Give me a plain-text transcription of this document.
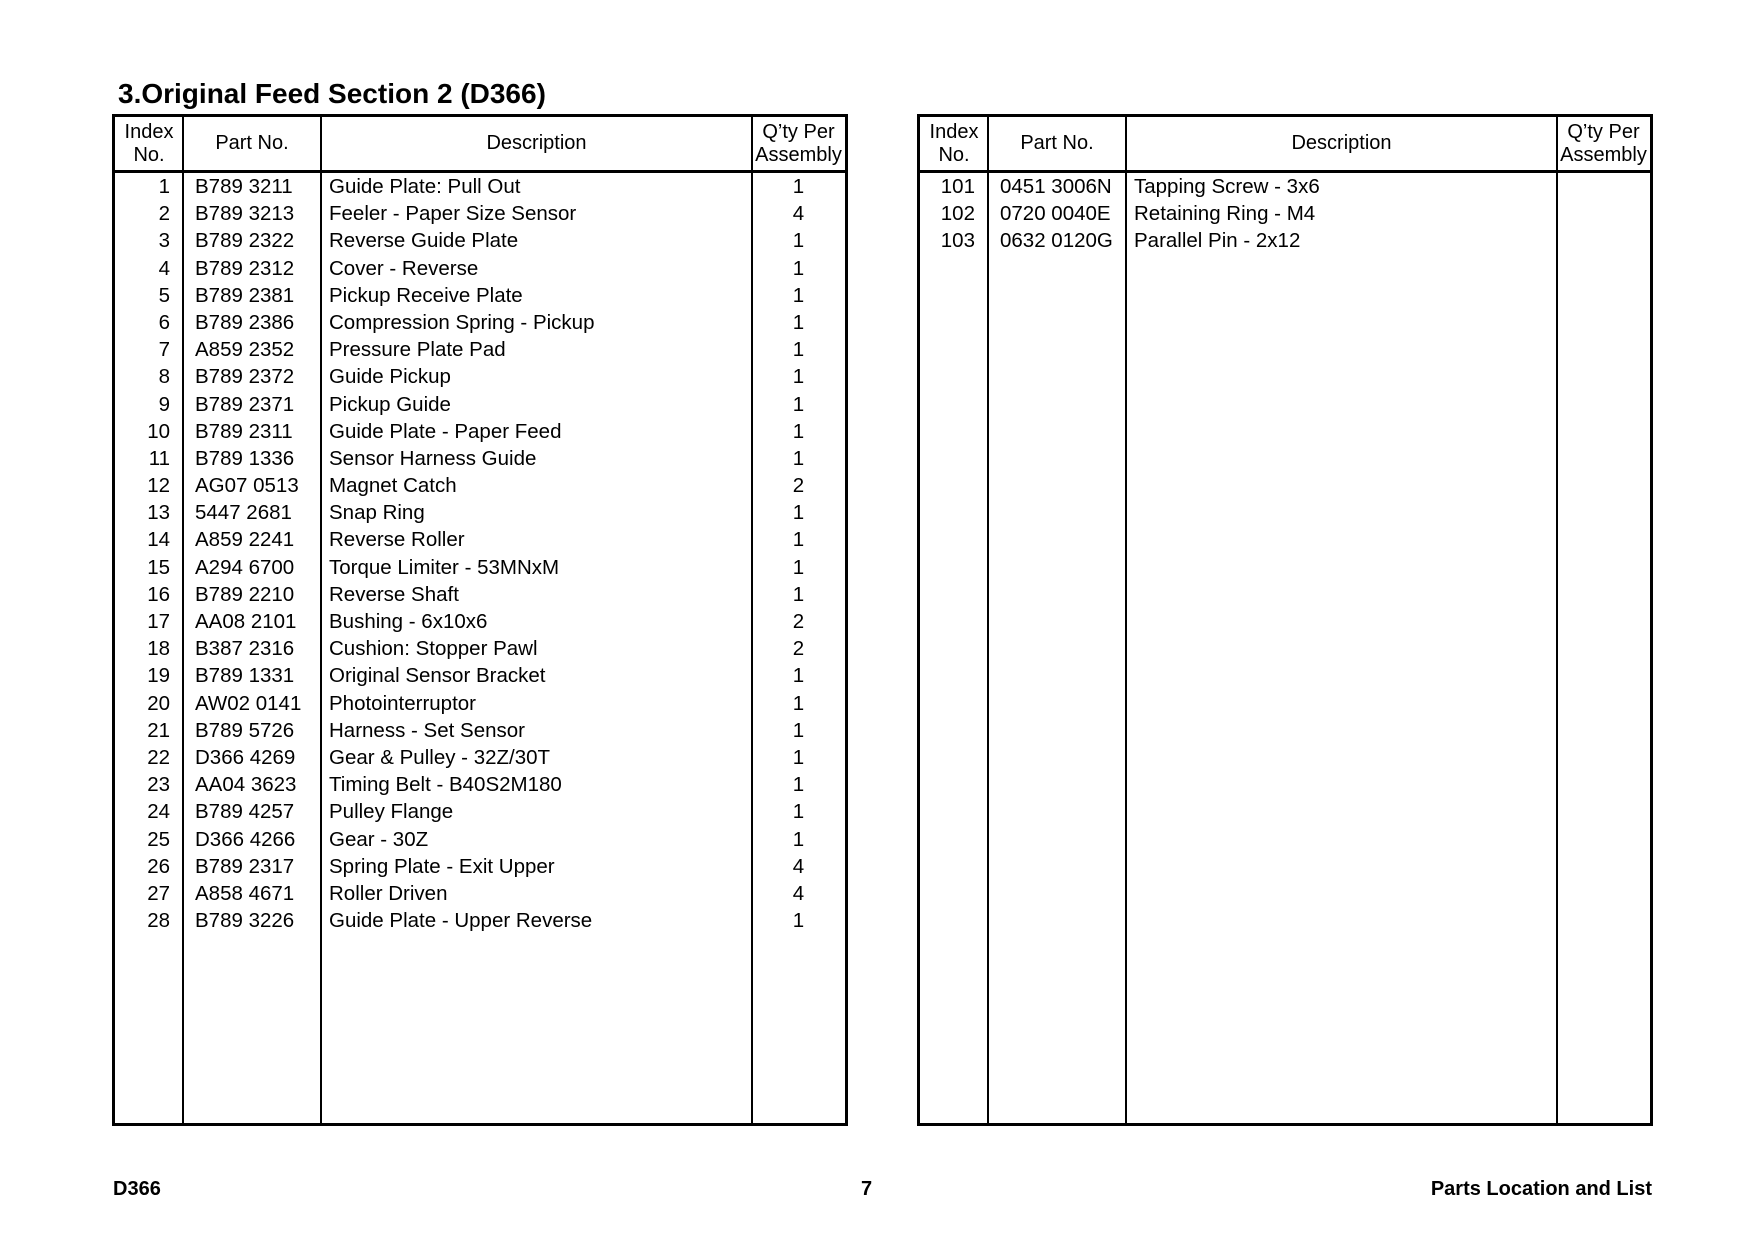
3.Original Feed Section 2 (D366)
Index No.
Part No.	Description
Q’ty Per Assembly
1 B789 3211 Guide Plate: Pull Out	1
2 B789 3213 Feeler - Paper Size Sensor	4
3 B789 2322 Reverse Guide Plate	1
4 B789 2312 Cover - Reverse	1
5 B789 2381 Pickup Receive Plate	1
6 B789 2386 Compression Spring - Pickup	1
7 A859 2352 Pressure Plate Pad	1
8 B789 2372 Guide Pickup	1
9 B789 2371 Pickup Guide	1
10 B789 2311 Guide Plate - Paper Feed	1
11 B789 1336 Sensor Harness Guide	1
12 AG07 0513 Magnet Catch	2
13 5447 2681 Snap Ring	1
14 A859 2241 Reverse Roller	1
15 A294 6700 Torque Limiter - 53MNxM	1
16 B789 2210 Reverse Shaft	1
17 AA08 2101 Bushing - 6x10x6	2
18 B387 2316 Cushion: Stopper Pawl	2
19 B789 1331 Original Sensor Bracket	1
20 AW02 0141 Photointerruptor	1
21 B789 5726 Harness - Set Sensor	1
22 D366 4269 Gear & Pulley - 32Z/30T	1
23 AA04 3623 Timing Belt - B40S2M180	1
24 B789 4257 Pulley Flange	1
25 D366 4266 Gear - 30Z	1
26 B789 2317 Spring Plate - Exit Upper	4
27 A858 4671 Roller Driven	4
28 B789 3226 Guide Plate - Upper Reverse	1
Index No.
Part No.	Description
Q’ty Per Assembly
101 0451 3006N Tapping Screw - 3x6
102 0720 0040E Retaining Ring - M4
103 0632 0120G Parallel Pin - 2x12
D366	7	Parts Location and List
